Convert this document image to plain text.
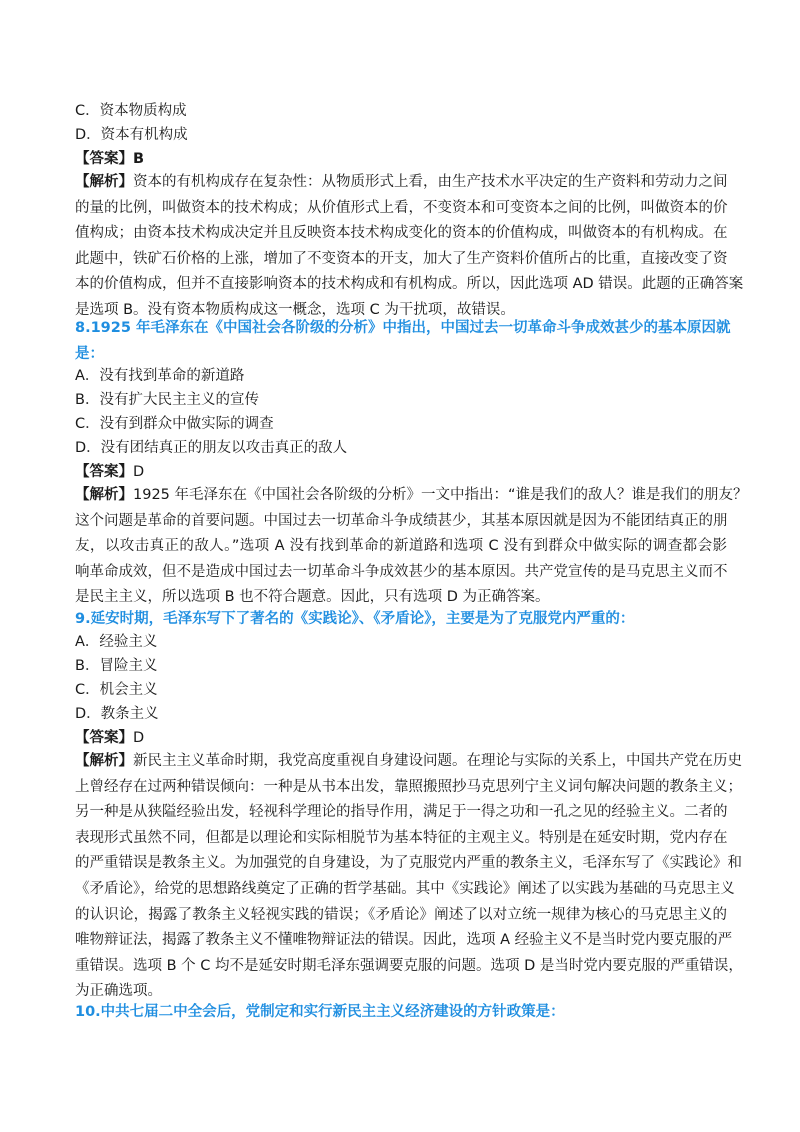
C．资本物质构成
D．资本有机构成
【答案】B
【解析】资本的有机构成存在复杂性：从物质形式上看，由生产技术水平决定的生产资料和劳动力之间
的量的比例，叫做资本的技术构成；从价值形式上看，不变资本和可变资本之间的比例，叫做资本的价
值构成；由资本技术构成决定并且反映资本技术构成变化的资本的价值构成，叫做资本的有机构成。在
此题中，铁矿石价格的上涨，增加了不变资本的开支，加大了生产资料价值所占的比重，直接改变了资
本的价值构成，但并不直接影响资本的技术构成和有机构成。所以，因此选项 AD 错误。此题的正确答案
是选项 B。没有资本物质构成这一概念，选项 C 为干扰项，故错误。
8.1925 年毛泽东在《中国社会各阶级的分析》中指出，中国过去一切革命斗争成效甚少的基本原因就
是：
A．没有找到革命的新道路
B．没有扩大民主主义的宣传
C．没有到群众中做实际的调查
D．没有团结真正的朋友以攻击真正的敌人
【答案】D
【解析】1925 年毛泽东在《中国社会各阶级的分析》一文中指出：“谁是我们的敌人？谁是我们的朋友？
这个问题是革命的首要问题。中国过去一切革命斗争成绩甚少，其基本原因就是因为不能团结真正的朋
友，以攻击真正的敌人。”选项 A 没有找到革命的新道路和选项 C 没有到群众中做实际的调查都会影
响革命成效，但不是造成中国过去一切革命斗争成效甚少的基本原因。共产党宣传的是马克思主义而不
是民主主义，所以选项 B 也不符合题意。因此，只有选项 D 为正确答案。
9.延安时期，毛泽东写下了著名的《实践论》、《矛盾论》，主要是为了克服党内严重的：
A．经验主义
B．冒险主义
C．机会主义
D．教条主义
【答案】D
【解析】新民主主义革命时期，我党高度重视自身建设问题。在理论与实际的关系上，中国共产党在历史
上曾经存在过两种错误倾向：一种是从书本出发，靠照搬照抄马克思列宁主义词句解决问题的教条主义；
另一种是从狭隘经验出发，轻视科学理论的指导作用，满足于一得之功和一孔之见的经验主义。二者的
表现形式虽然不同，但都是以理论和实际相脱节为基本特征的主观主义。特别是在延安时期，党内存在
的严重错误是教条主义。为加强党的自身建设，为了克服党内严重的教条主义，毛泽东写了《实践论》和
《矛盾论》，给党的思想路线奠定了正确的哲学基础。其中《实践论》阐述了以实践为基础的马克思主义
的认识论，揭露了教条主义轻视实践的错误；《矛盾论》阐述了以对立统一规律为核心的马克思主义的
唯物辩证法，揭露了教条主义不懂唯物辩证法的错误。因此，选项 A 经验主义不是当时党内要克服的严
重错误。选项 B 个 C 均不是延安时期毛泽东强调要克服的问题。选项 D 是当时党内要克服的严重错误，
为正确选项。
10.中共七届二中全会后，党制定和实行新民主主义经济建设的方针政策是：
